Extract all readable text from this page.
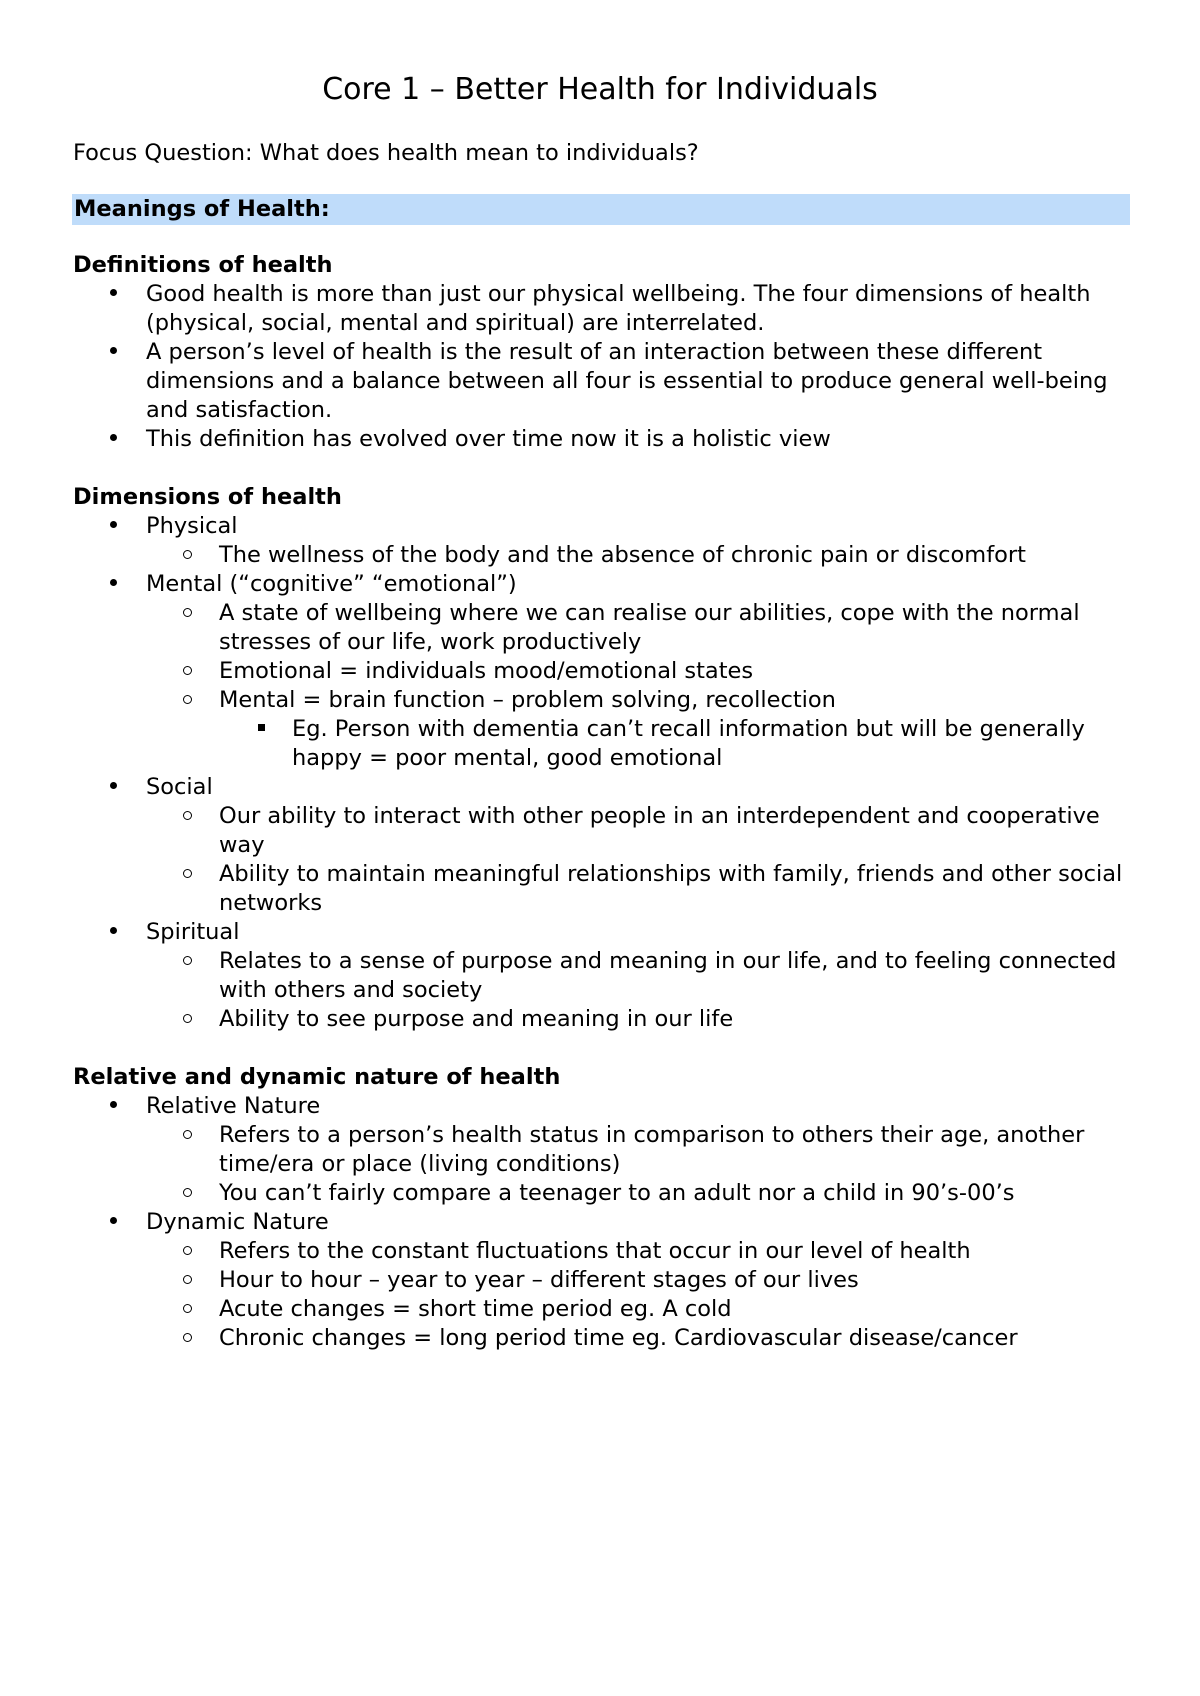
Core 1 – Better Health for Individuals
Focus Question: What does health mean to individuals?
Meanings of Health:
Definitions of health
Good health is more than just our physical wellbeing. The four dimensions of health (physical, social, mental and spiritual) are interrelated.
A person’s level of health is the result of an interaction between these different dimensions and a balance between all four is essential to produce general well-being and satisfaction.
This definition has evolved over time now it is a holistic view
Dimensions of health
Physical
The wellness of the body and the absence of chronic pain or discomfort
Mental (“cognitive” “emotional”)
A state of wellbeing where we can realise our abilities, cope with the normal stresses of our life, work productively
Emotional = individuals mood/emotional states
Mental = brain function – problem solving, recollection
Eg. Person with dementia can’t recall information but will be generally happy = poor mental, good emotional
Social
Our ability to interact with other people in an interdependent and cooperative way
Ability to maintain meaningful relationships with family, friends and other social networks
Spiritual
Relates to a sense of purpose and meaning in our life, and to feeling connected with others and society
Ability to see purpose and meaning in our life
Relative and dynamic nature of health
Relative Nature
Refers to a person’s health status in comparison to others their age, another time/era or place (living conditions)
You can’t fairly compare a teenager to an adult nor a child in 90’s-00’s
Dynamic Nature
Refers to the constant fluctuations that occur in our level of health
Hour to hour – year to year – different stages of our lives
Acute changes = short time period eg. A cold
Chronic changes = long period time eg. Cardiovascular disease/cancer
